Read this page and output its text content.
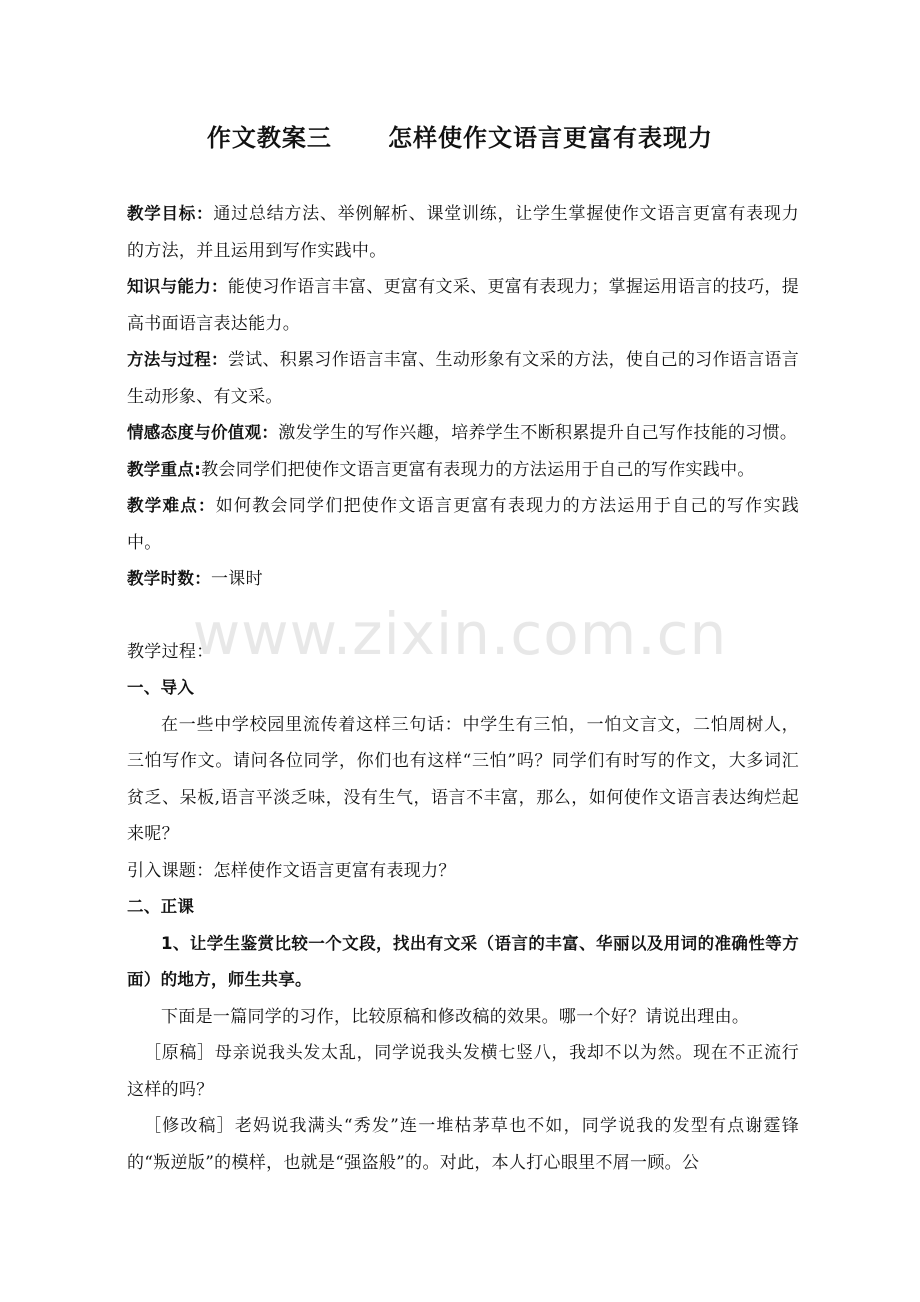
作文教案三      怎样使作文语言更富有表现力

教学目标：通过总结方法、举例解析、课堂训练，让学生掌握使作文语言更富有表现力的方法，并且运用到写作实践中。

知识与能力：能使习作语言丰富、更富有文采、更富有表现力；掌握运用语言的技巧，提高书面语言表达能力。

方法与过程：尝试、积累习作语言丰富、生动形象有文采的方法，使自己的习作语言语言生动形象、有文采。

情感态度与价值观：激发学生的写作兴趣，培养学生不断积累提升自己写作技能的习惯。

教学重点:教会同学们把使作文语言更富有表现力的方法运用于自己的写作实践中。

教学难点：如何教会同学们把使作文语言更富有表现力的方法运用于自己的写作实践中。

教学时数：一课时

教学过程：

一、导入

在一些中学校园里流传着这样三句话：中学生有三怕，一怕文言文，二怕周树人，三怕写作文。请问各位同学，你们也有这样“三怕”吗？同学们有时写的作文，大多词汇贫乏、呆板,语言平淡乏味，没有生气，语言不丰富，那么，如何使作文语言表达绚烂起来呢？

引入课题：怎样使作文语言更富有表现力？

二、正课

1、让学生鉴赏比较一个文段，找出有文采（语言的丰富、华丽以及用词的准确性等方面）的地方，师生共享。

下面是一篇同学的习作，比较原稿和修改稿的效果。哪一个好？请说出理由。

［原稿］母亲说我头发太乱，同学说我头发横七竖八，我却不以为然。现在不正流行这样的吗？

［修改稿］老妈说我满头“秀发”连一堆枯茅草也不如，同学说我的发型有点谢霆锋的“叛逆版”的模样，也就是“强盗般”的。对此，本人打心眼里不屑一顾。公

www.zixin.com.cn
